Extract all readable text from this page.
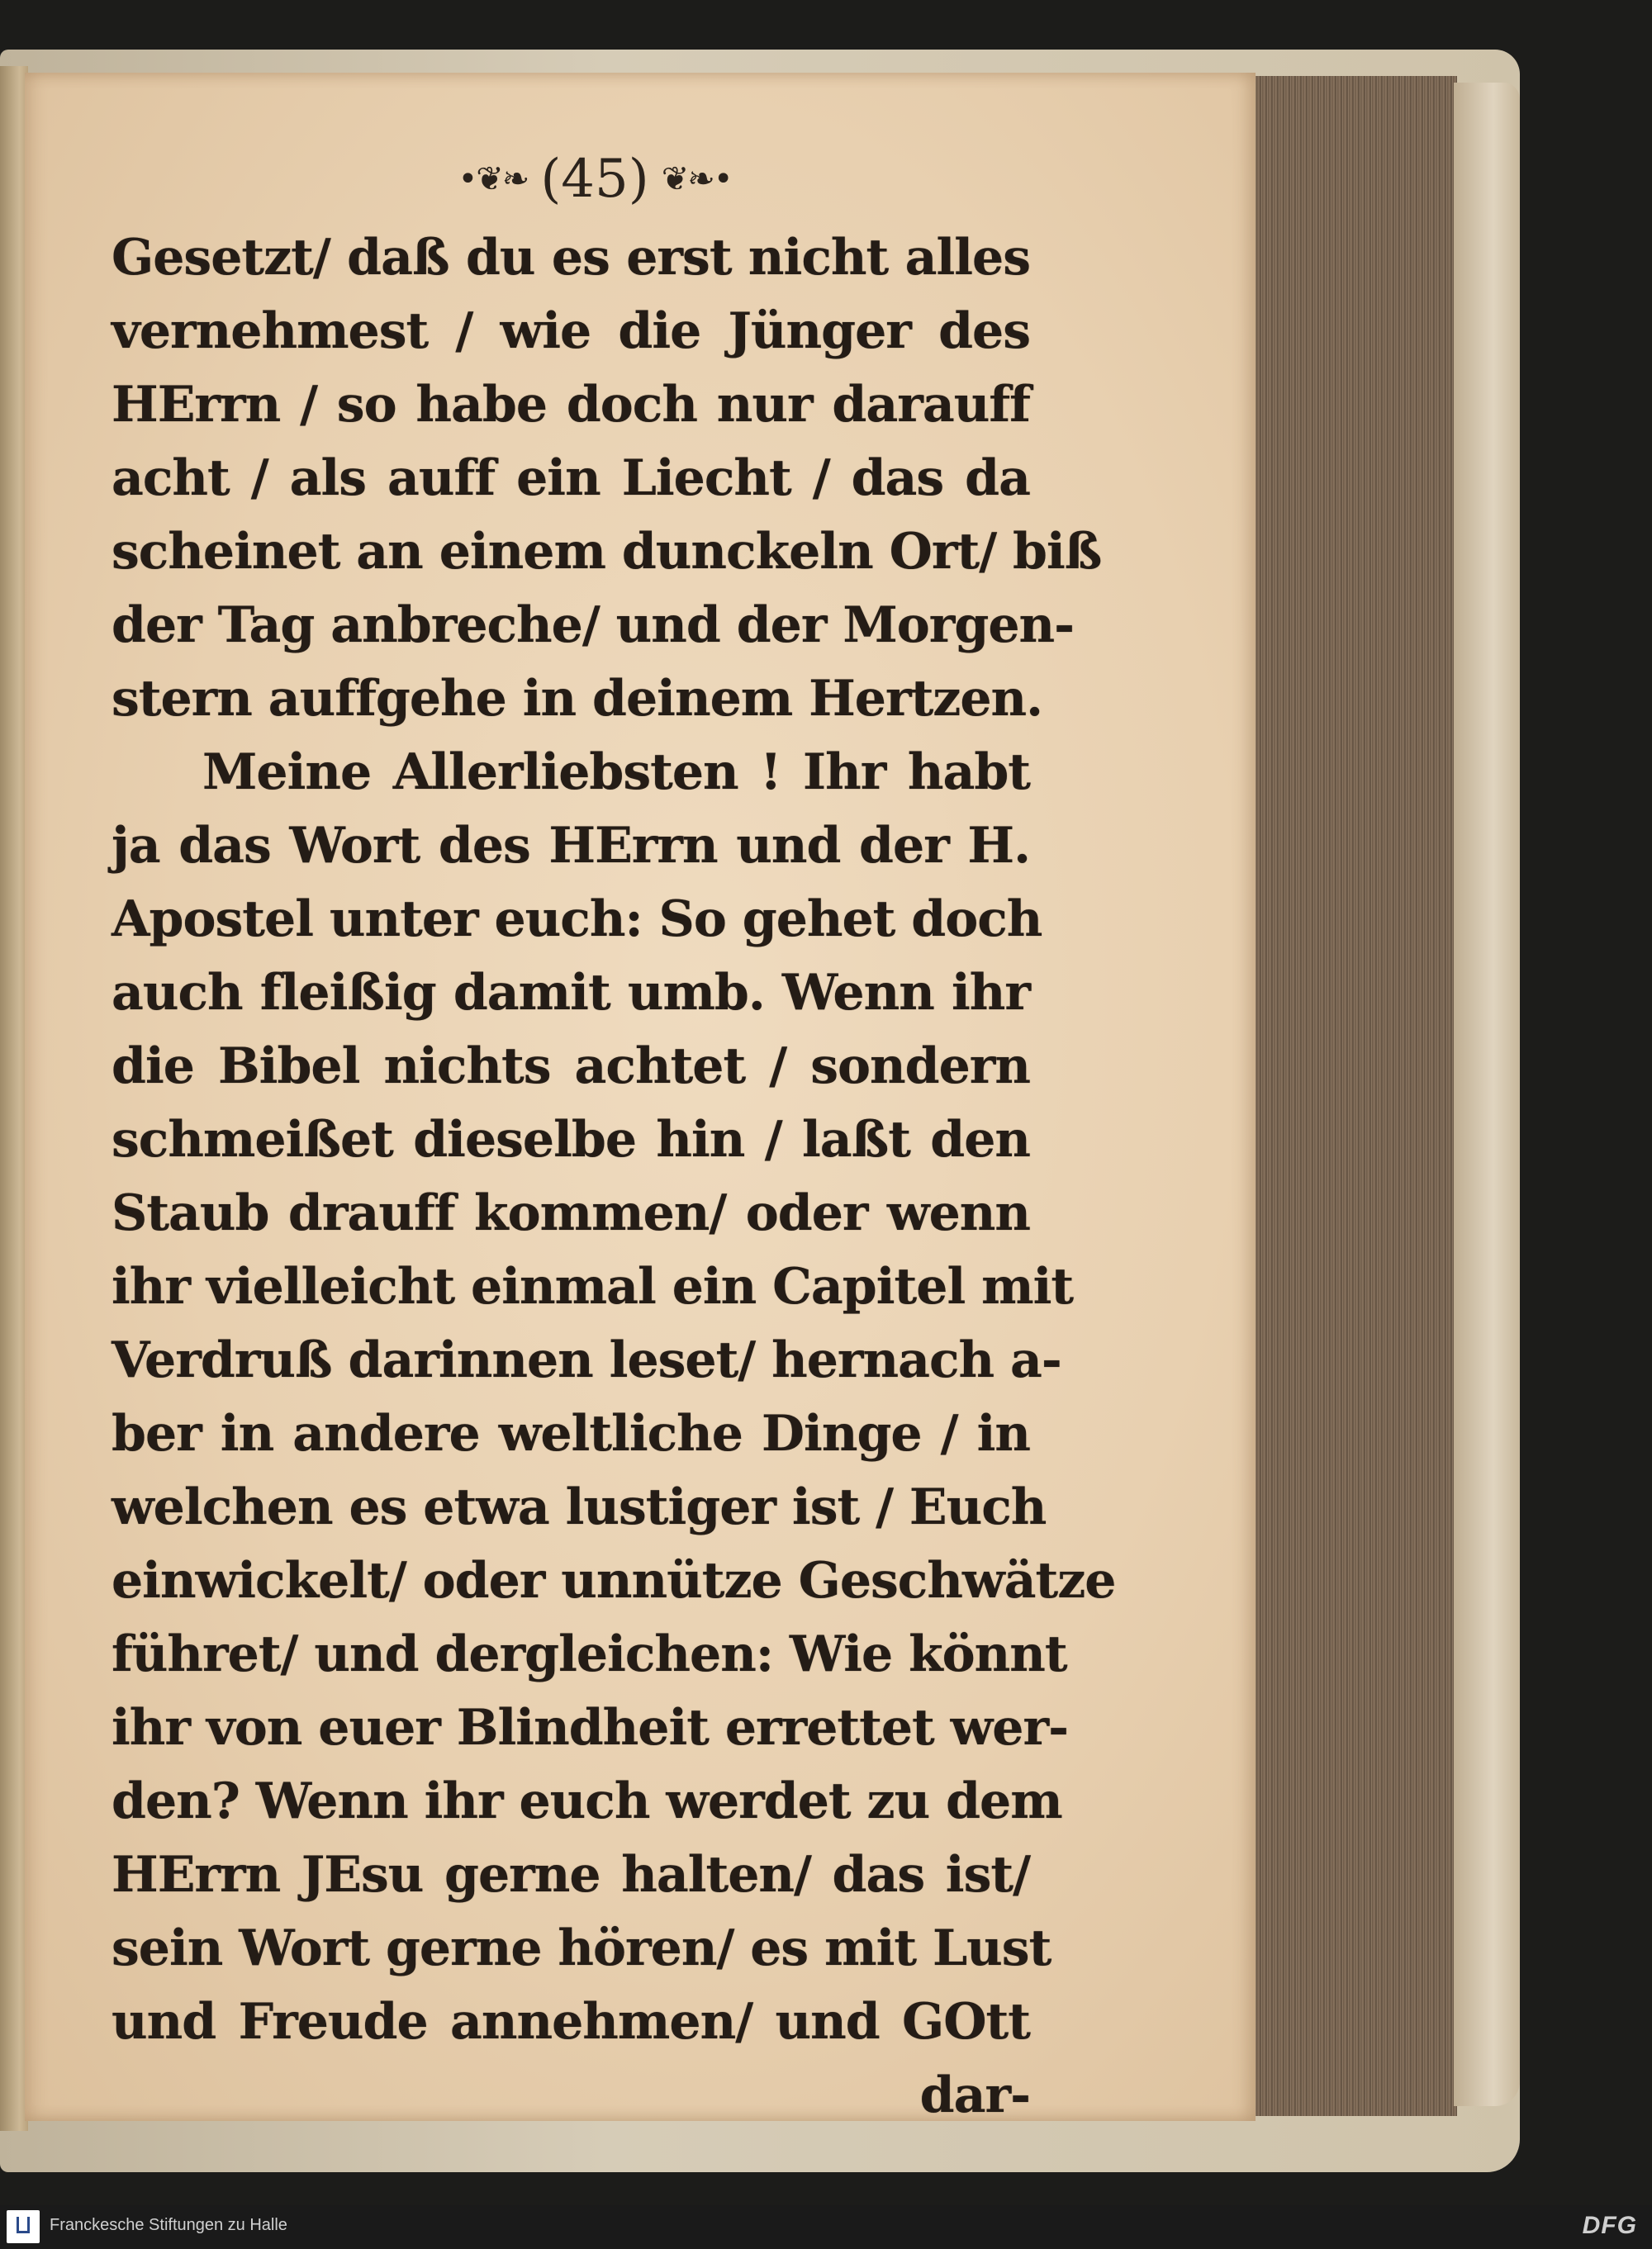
•❦❧ (45) ❦❧•
Gesetzt/ daß du es erst nicht alles
vernehmest / wie die Jünger des
HErrn / so habe doch nur darauff
acht / als auff ein Liecht / das da
scheinet an einem dunckeln Ort/ biß
der Tag anbreche/ und der Morgen-
stern auffgehe in deinem Hertzen.
Meine Allerliebsten ! Ihr habt
ja das Wort des HErrn und der H.
Apostel unter euch: So gehet doch
auch fleißig damit umb. Wenn ihr
die Bibel nichts achtet / sondern
schmeißet dieselbe hin / laßt den
Staub drauff kommen/ oder wenn
ihr vielleicht einmal ein Capitel mit
Verdruß darinnen leset/ hernach a-
ber in andere weltliche Dinge / in
welchen es etwa lustiger ist / Euch
einwickelt/ oder unnütze Geschwätze
führet/ und dergleichen: Wie könnt
ihr von euer Blindheit errettet wer-
den? Wenn ihr euch werdet zu dem
HErrn JEsu gerne halten/ das ist/
sein Wort gerne hören/ es mit Lust
und Freude annehmen/ und GOtt
dar-
Franckesche Stiftungen zu Halle	DFG
